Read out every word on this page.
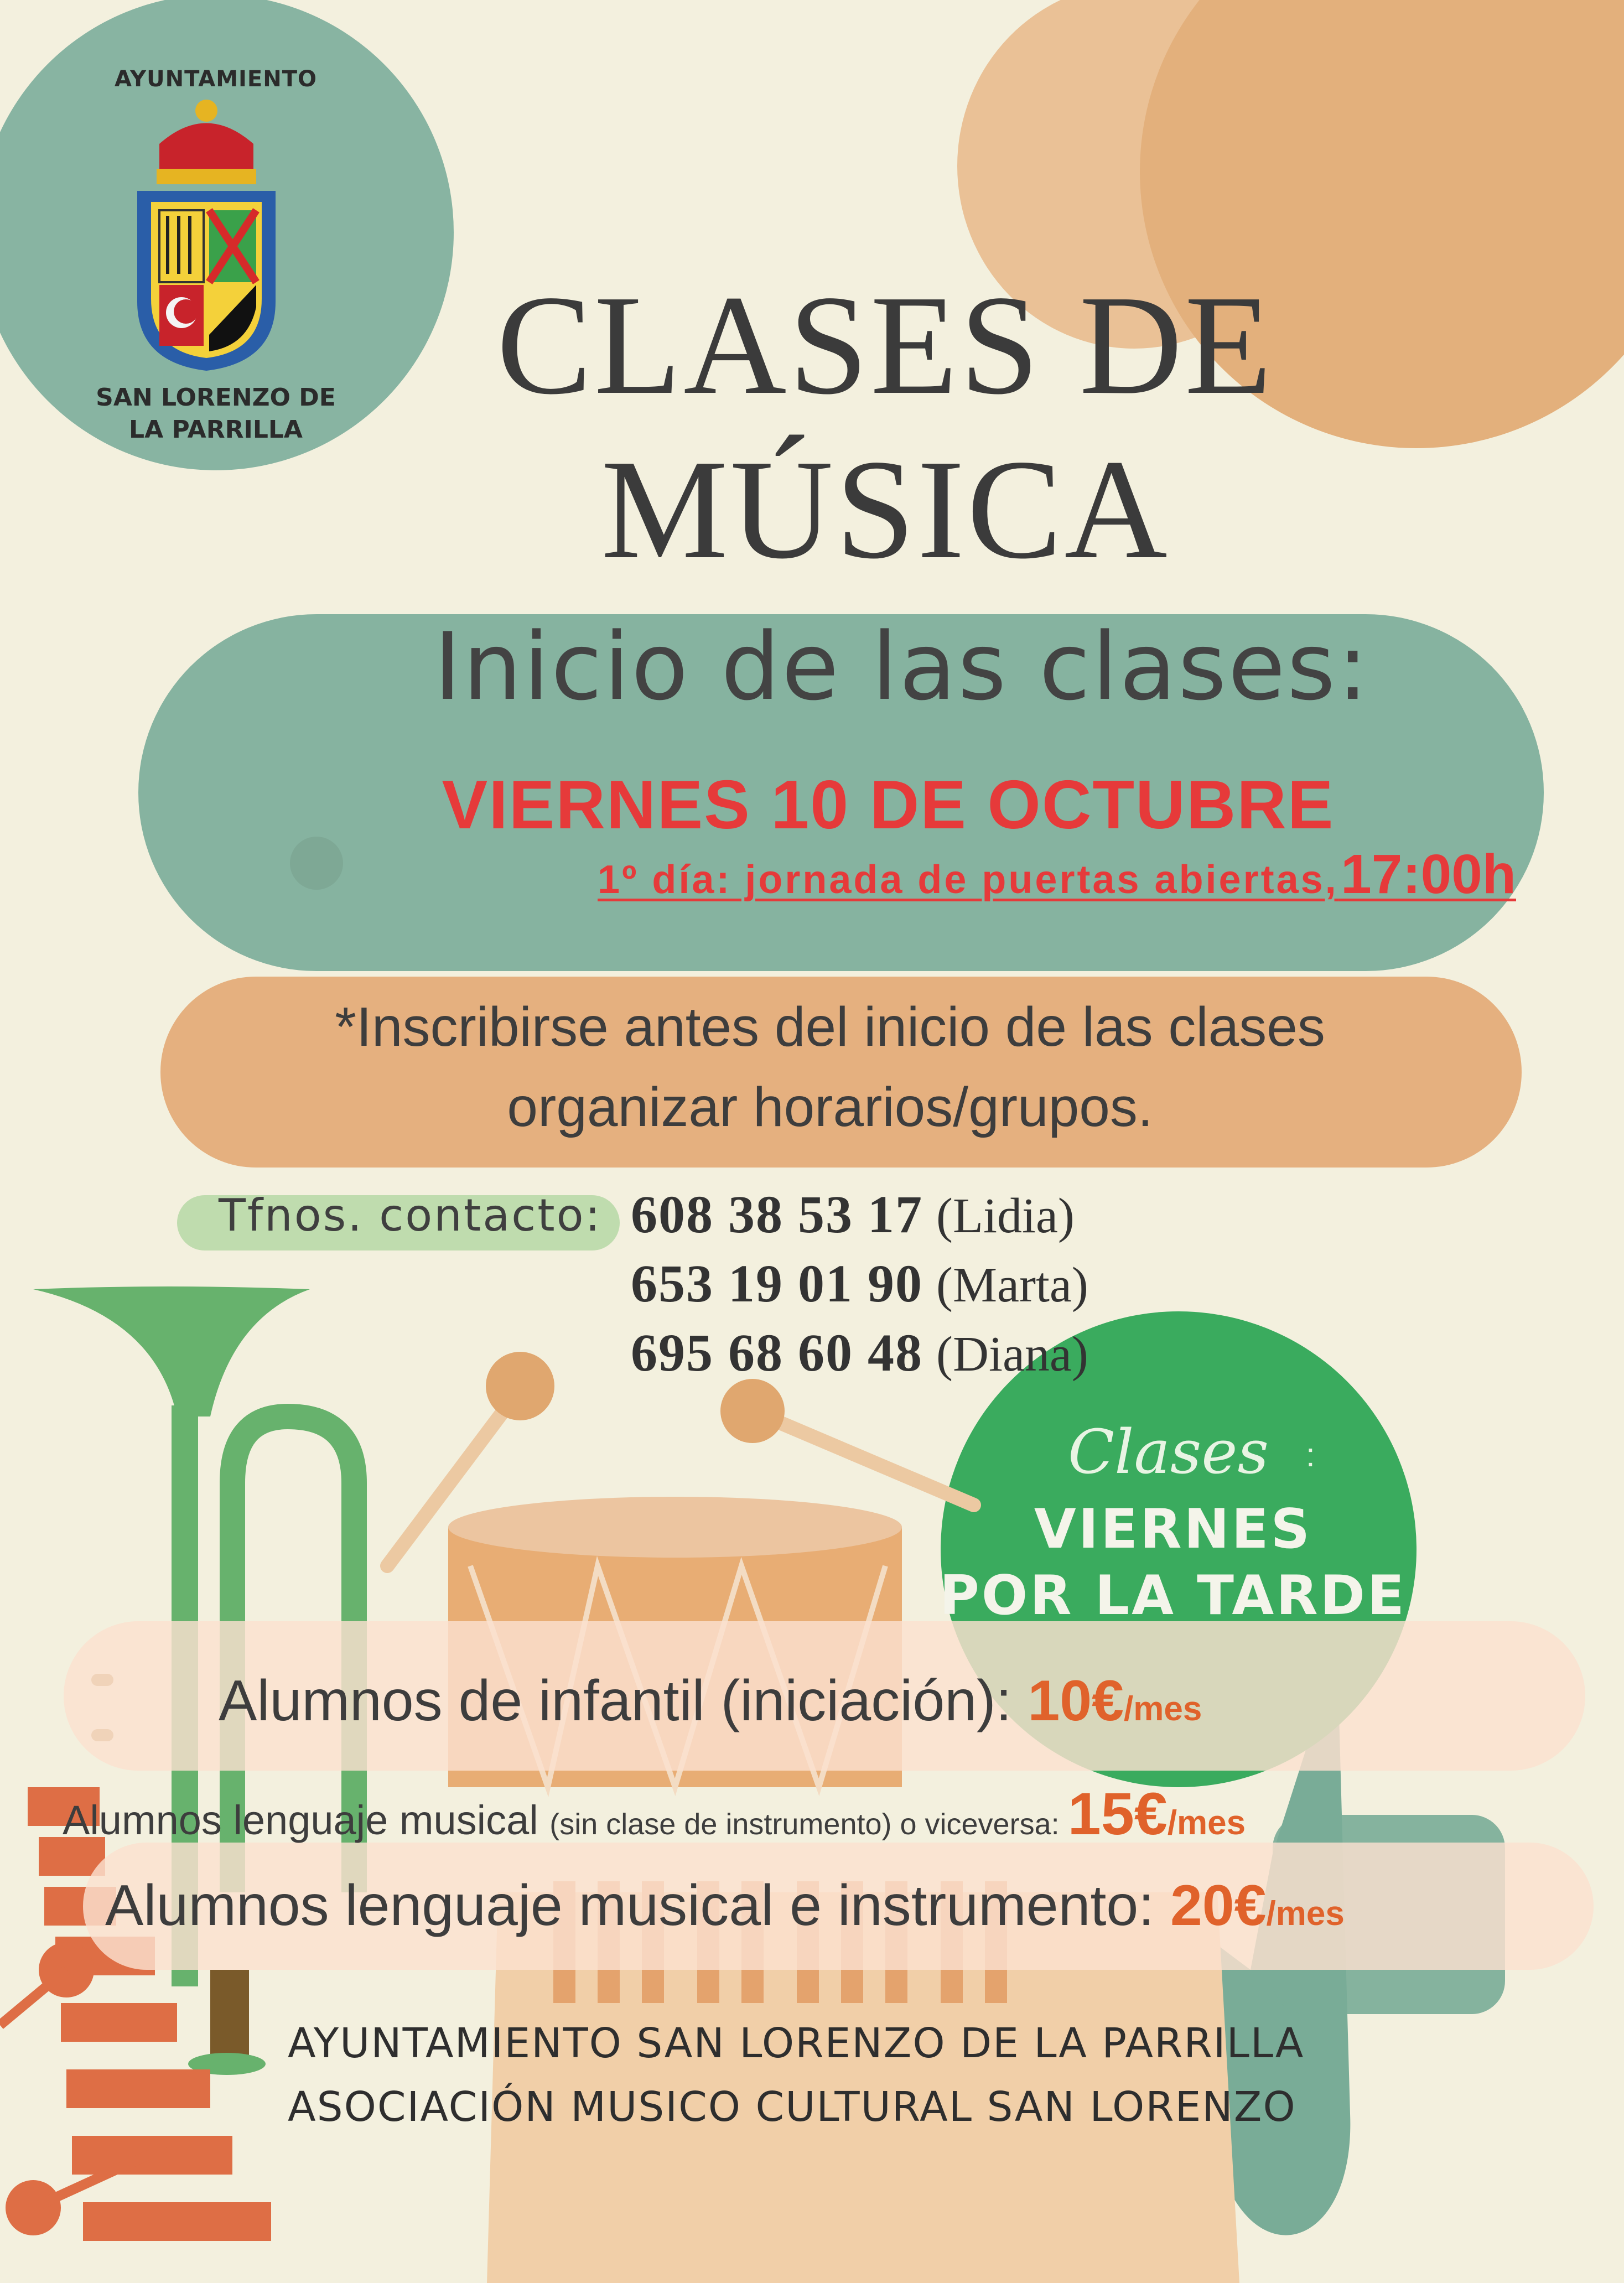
AYUNTAMIENTO
SAN LORENZO DE
LA PARRILLA
CLASES DE
MÚSICA
Inicio de las clases:
VIERNES 10 DE OCTUBRE
1º día: jornada de puertas abiertas, 17:00h
*Inscribirse antes del inicio de las clases
organizar horarios/grupos.
Tfnos. contacto: 608 38 53 17 (Lidia)
653 19 01 90 (Marta)
695 68 60 48 (Diana)
Clases :
VIERNES
POR LA TARDE
Alumnos de infantil (iniciación): 10€/mes
Alumnos lenguaje musical (sin clase de instrumento) o viceversa: 15€/mes
Alumnos lenguaje musical e instrumento: 20€/mes
AYUNTAMIENTO SAN LORENZO DE LA PARRILLA
ASOCIACIÓN MUSICO CULTURAL SAN LORENZO
